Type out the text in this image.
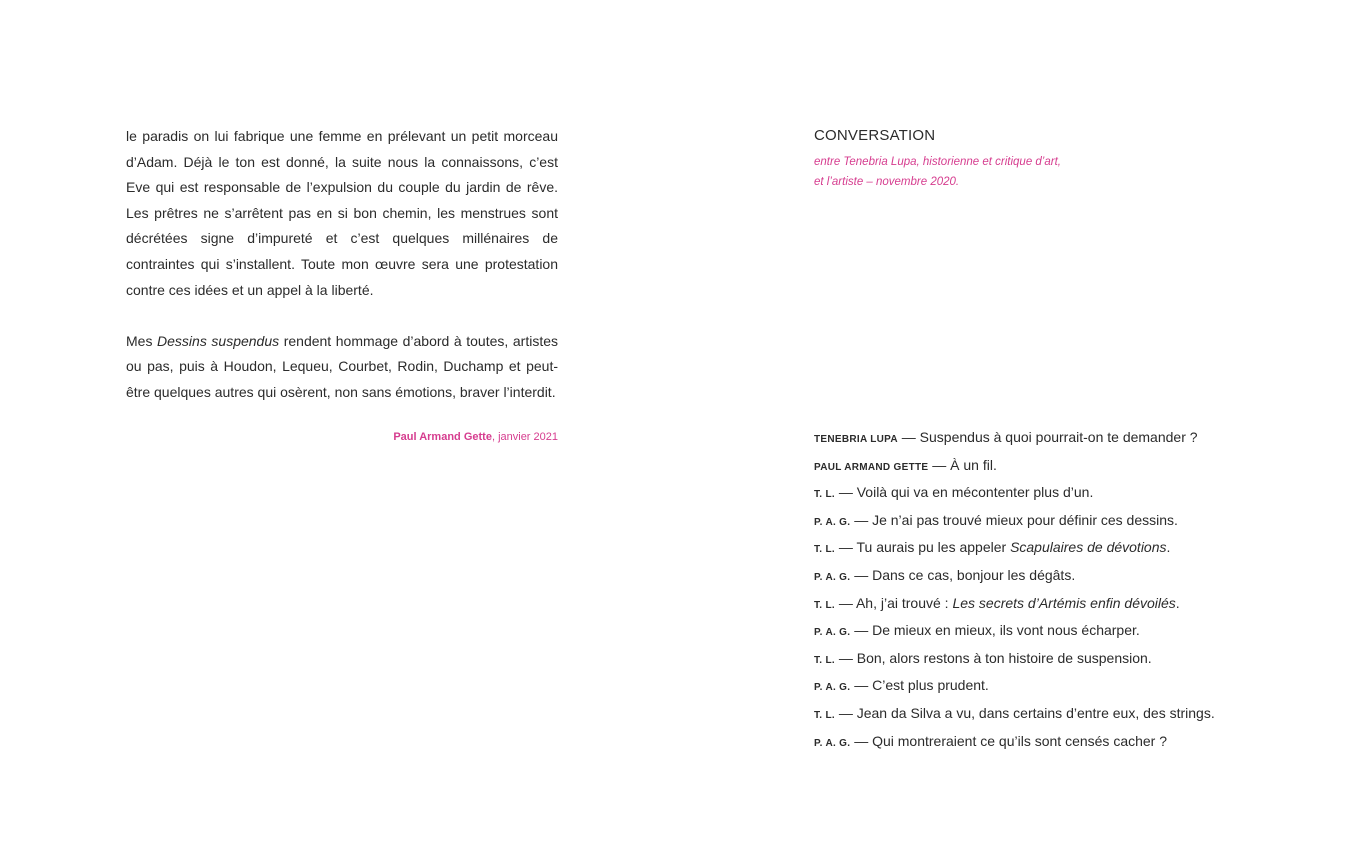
le paradis on lui fabrique une femme en prélevant un petit morceau d’Adam. Déjà le ton est donné, la suite nous la connaissons, c’est Eve qui est responsable de l’expulsion du couple du jardin de rêve. Les prêtres ne s’arrêtent pas en si bon chemin, les menstrues sont décrétées signe d’impureté et c’est quelques millénaires de contraintes qui s’installent. Toute mon œuvre sera une protestation contre ces idées et un appel à la liberté.

Mes Dessins suspendus rendent hommage d’abord à toutes, artistes ou pas, puis à Houdon, Lequeu, Courbet, Rodin, Duchamp et peut-être quelques autres qui osèrent, non sans émotions, braver l’interdit.

Paul Armand Gette, janvier 2021
CONVERSATION
entre Tenebria Lupa, historienne et critique d’art,
et l’artiste – novembre 2020.
TENEBRIA LUPA — Suspendus à quoi pourrait-on te demander ?
PAUL ARMAND GETTE — À un fil.
T. L. — Voilà qui va en mécontenter plus d’un.
P. A. G. — Je n’ai pas trouvé mieux pour définir ces dessins.
T. L. — Tu aurais pu les appeler Scapulaires de dévotions.
P. A. G. — Dans ce cas, bonjour les dégâts.
T. L. — Ah, j’ai trouvé : Les secrets d’Artémis enfin dévoilés.
P. A. G. — De mieux en mieux, ils vont nous écharper.
T. L. — Bon, alors restons à ton histoire de suspension.
P. A. G. — C’est plus prudent.
T. L. — Jean da Silva a vu, dans certains d’entre eux, des strings.
P. A. G. — Qui montreraient ce qu’ils sont censés cacher ?
